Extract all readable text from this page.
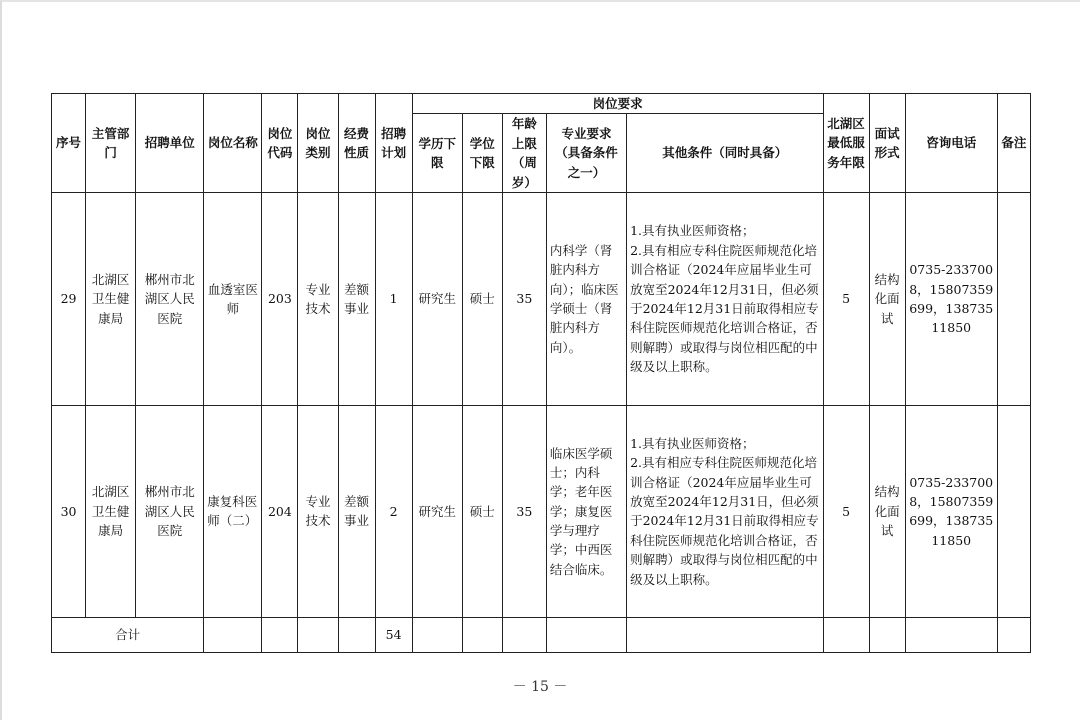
序号	主管部门	招聘单位	岗位名称	岗位代码	岗位类别	经费性质	招聘计划	岗位要求					北湖区最低服务年限	面试形式	咨询电话	备注
								学历下限	学位下限	年龄上限（周岁）	专业要求（具备条件之一）	其他条件（同时具备）				
29	北湖区卫生健康局	郴州市北湖区人民医院	血透室医师	203	专业技术	差额事业	1	研究生	硕士	35	内科学（肾脏内科方向）；临床医学硕士（肾脏内科方向）。	1.具有执业医师资格；
2.具有相应专科住院医师规范化培训合格证（2024年应届毕业生可放宽至2024年12月31日，但必须于2024年12月31日前取得相应专科住院医师规范化培训合格证，否则解聘）或取得与岗位相匹配的中级及以上职称。	5	结构化面试	0735-2337008，15807359699，13873511850	
30	北湖区卫生健康局	郴州市北湖区人民医院	康复科医师（二）	204	专业技术	差额事业	2	研究生	硕士	35	临床医学硕士；内科学；老年医学；康复医学与理疗学；中西医结合临床。	1.具有执业医师资格；
2.具有相应专科住院医师规范化培训合格证（2024年应届毕业生可放宽至2024年12月31日，但必须于2024年12月31日前取得相应专科住院医师规范化培训合格证，否则解聘）或取得与岗位相匹配的中级及以上职称。	5	结构化面试	0735-2337008，15807359699，13873511850	
合计							54									
－ 15 －
